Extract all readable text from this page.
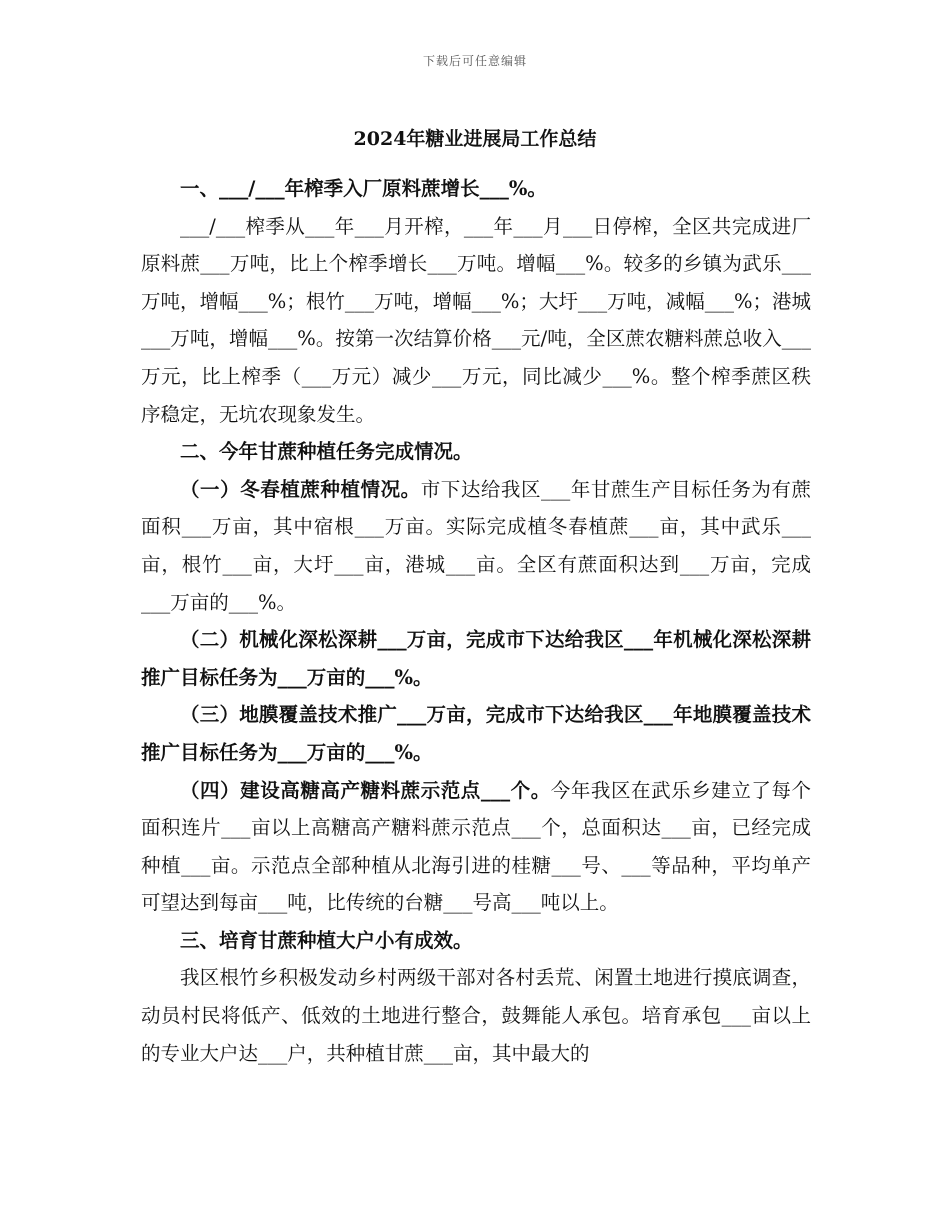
下载后可任意编辑
2024年糖业进展局工作总结

一、___/___年榨季入厂原料蔗增长___%。

___/___榨季从___年___月开榨，___年___月___日停榨，全区共完成进厂原料蔗___万吨，比上个榨季增长___万吨。增幅___%。较多的乡镇为武乐___万吨，增幅___%；根竹___万吨，增幅___%；大圩___万吨，减幅___%；港城___万吨，增幅___%。按第一次结算价格___元/吨，全区蔗农糖料蔗总收入___万元，比上榨季（___万元）减少___万元，同比减少___%。整个榨季蔗区秩序稳定，无坑农现象发生。

二、今年甘蔗种植任务完成情况。

（一）冬春植蔗种植情况。市下达给我区___年甘蔗生产目标任务为有蔗面积___万亩，其中宿根___万亩。实际完成植冬春植蔗___亩，其中武乐___亩，根竹___亩，大圩___亩，港城___亩。全区有蔗面积达到___万亩，完成___万亩的___%。

（二）机械化深松深耕___万亩，完成市下达给我区___年机械化深松深耕推广目标任务为___万亩的___%。

（三）地膜覆盖技术推广___万亩，完成市下达给我区___年地膜覆盖技术推广目标任务为___万亩的___%。

（四）建设高糖高产糖料蔗示范点___个。今年我区在武乐乡建立了每个面积连片___亩以上高糖高产糖料蔗示范点___个，总面积达___亩，已经完成种植___亩。示范点全部种植从北海引进的桂糖___号、___等品种，平均单产可望达到每亩___吨，比传统的台糖___号高___吨以上。

三、培育甘蔗种植大户小有成效。

我区根竹乡积极发动乡村两级干部对各村丢荒、闲置土地进行摸底调查，动员村民将低产、低效的土地进行整合，鼓舞能人承包。培育承包___亩以上的专业大户达___户，共种植甘蔗___亩，其中最大的
